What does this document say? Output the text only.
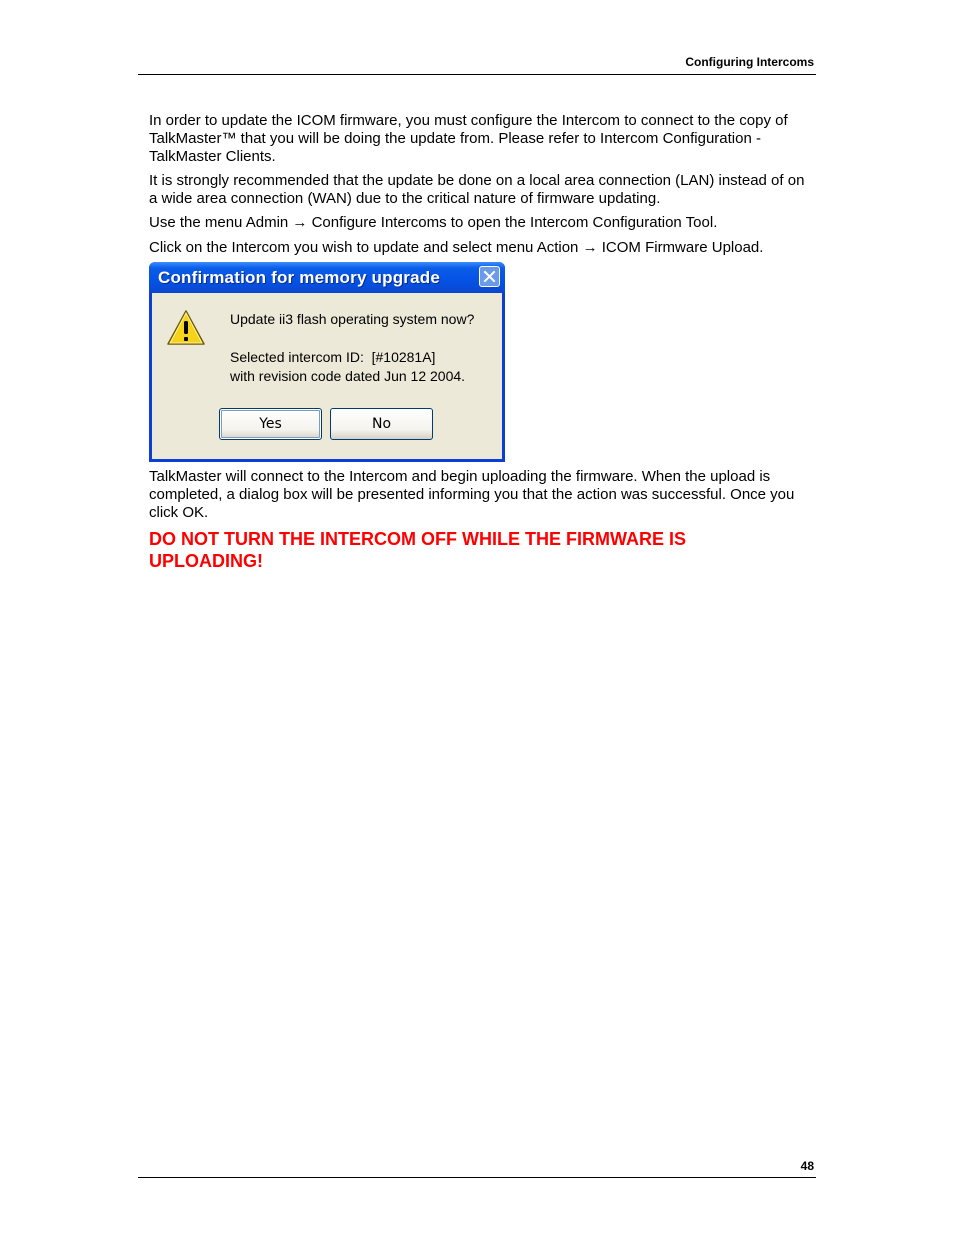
Configuring Intercoms

In order to update the ICOM firmware, you must configure the Intercom to connect to the copy of TalkMaster™ that you will be doing the update from. Please refer to Intercom Configuration - TalkMaster Clients.

It is strongly recommended that the update be done on a local area connection (LAN) instead of on a wide area connection (WAN) due to the critical nature of firmware updating.

Use the menu Admin → Configure Intercoms to open the Intercom Configuration Tool.

Click on the Intercom you wish to update and select menu Action → ICOM Firmware Upload.

Confirmation for memory upgrade
Update ii3 flash operating system now?
Selected intercom ID:  [#10281A]
with revision code dated Jun 12 2004.
Yes	No

TalkMaster will connect to the Intercom and begin uploading the firmware. When the upload is completed, a dialog box will be presented informing you that the action was successful. Once you click OK.

DO NOT TURN THE INTERCOM OFF WHILE THE FIRMWARE IS UPLOADING!
48
